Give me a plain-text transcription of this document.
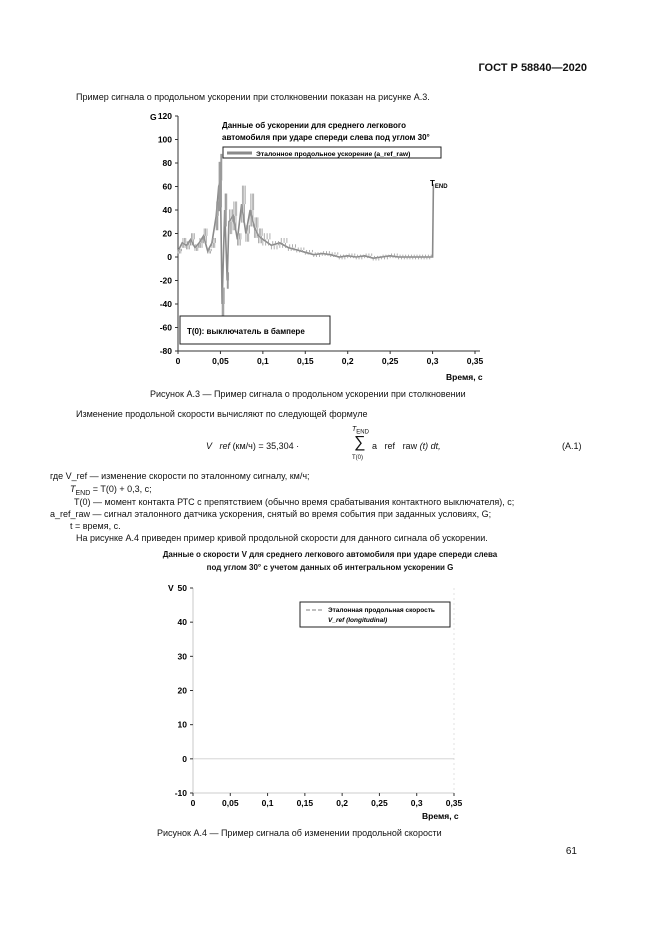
ГОСТ Р 58840—2020
Пример сигнала о продольном ускорении при столкновении показан на рисунке А.3.
G 120
100
80
60
40
20
0
-20
-40
-60
-80
0	0,05	0,1	0,15	0,2	0,25	0,3	0,35
Данные об ускорении для среднего легкового
автомобиля при ударе спереди слева под углом 30°
Эталонное продольное ускорение (a_ref_raw)
$T_{END}$
T(0): выключатель в бампере
Время, с
Рисунок А.3 — Пример сигнала о продольном ускорении при столкновении
Изменение продольной скорости вычисляют по следующей формуле
V ref (км/ч) = 35,304 ·
$T_{END}$
∑
T(0)
a ref raw (t) dt,	(А.1)
где V_ref — изменение скорости по эталонному сигналу, км/ч;
$T_{END} = T(0) + 0,3$, с;
T(0) — момент контакта РТС с препятствием (обычно время срабатывания контактного выключателя), с;
a_ref_raw — сигнал эталонного датчика ускорения, снятый во время события при заданных условиях, G;
t = время, с.
На рисунке А.4 приведен пример кривой продольной скорости для данного сигнала об ускорении.
Данные о скорости V для среднего легкового автомобиля при ударе спереди слева
под углом 30° с учетом данных об интегральном ускорении G
V 50
40
30
20
10
0
-10
0	0,05	0,1	0,15	0,2	0,25	0,3	0,35
Эталонная продольная скорость
V_ref (longitudinal)
Время, с
Рисунок А.4 — Пример сигнала об изменении продольной скорости
61
